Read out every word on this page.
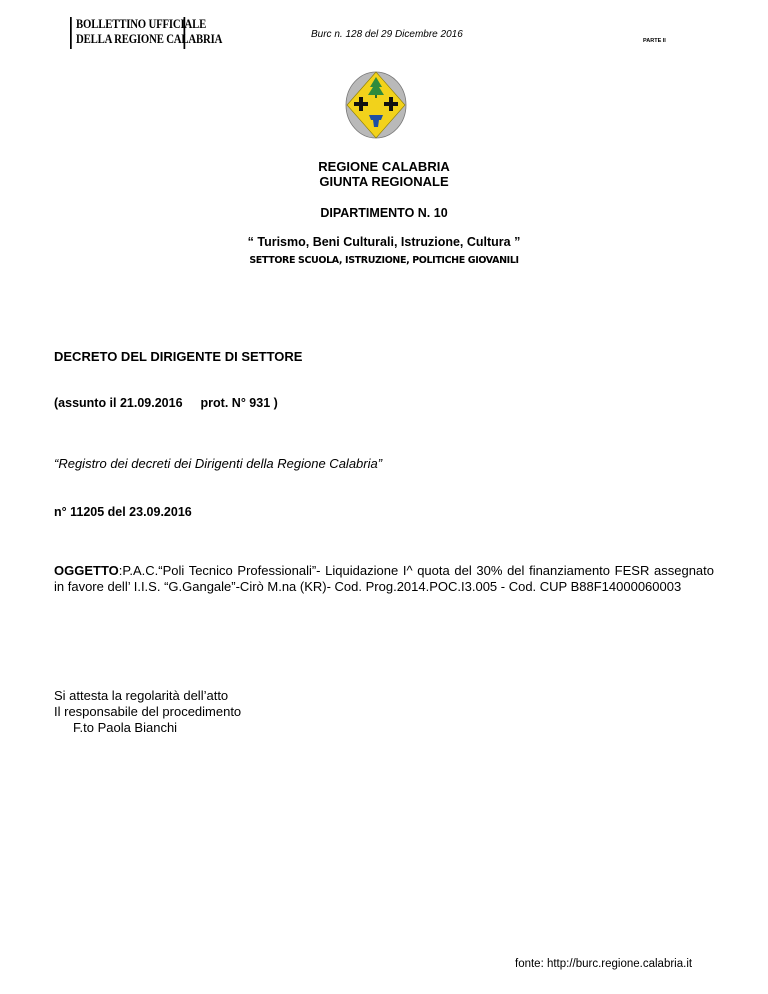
BOLLETTINO UFFICIALE
DELLA REGIONE CALABRIA	Burc n. 128 del 29 Dicembre 2016
PARTE II
REGIONE CALABRIA
GIUNTA REGIONALE
DIPARTIMENTO N. 10
“ Turismo, Beni Culturali, Istruzione, Cultura ”
SETTORE SCUOLA, ISTRUZIONE, POLITICHE GIOVANILI
DECRETO DEL DIRIGENTE DI SETTORE
(assunto il 21.09.2016 prot. N° 931 )
“Registro dei decreti dei Dirigenti della Regione Calabria”
n° 11205 del 23.09.2016
OGGETTO:P.A.C.“Poli Tecnico Professionali”- Liquidazione I^ quota del 30% del finanziamento FESR assegnato in favore dell’ I.I.S. “G.Gangale”-Cirò M.na (KR)- Cod. Prog.2014.POC.I3.005 - Cod. CUP B88F14000060003
Si attesta la regolarità dell’atto
Il responsabile del procedimento
F.to Paola Bianchi
fonte: http://burc.regione.calabria.it
